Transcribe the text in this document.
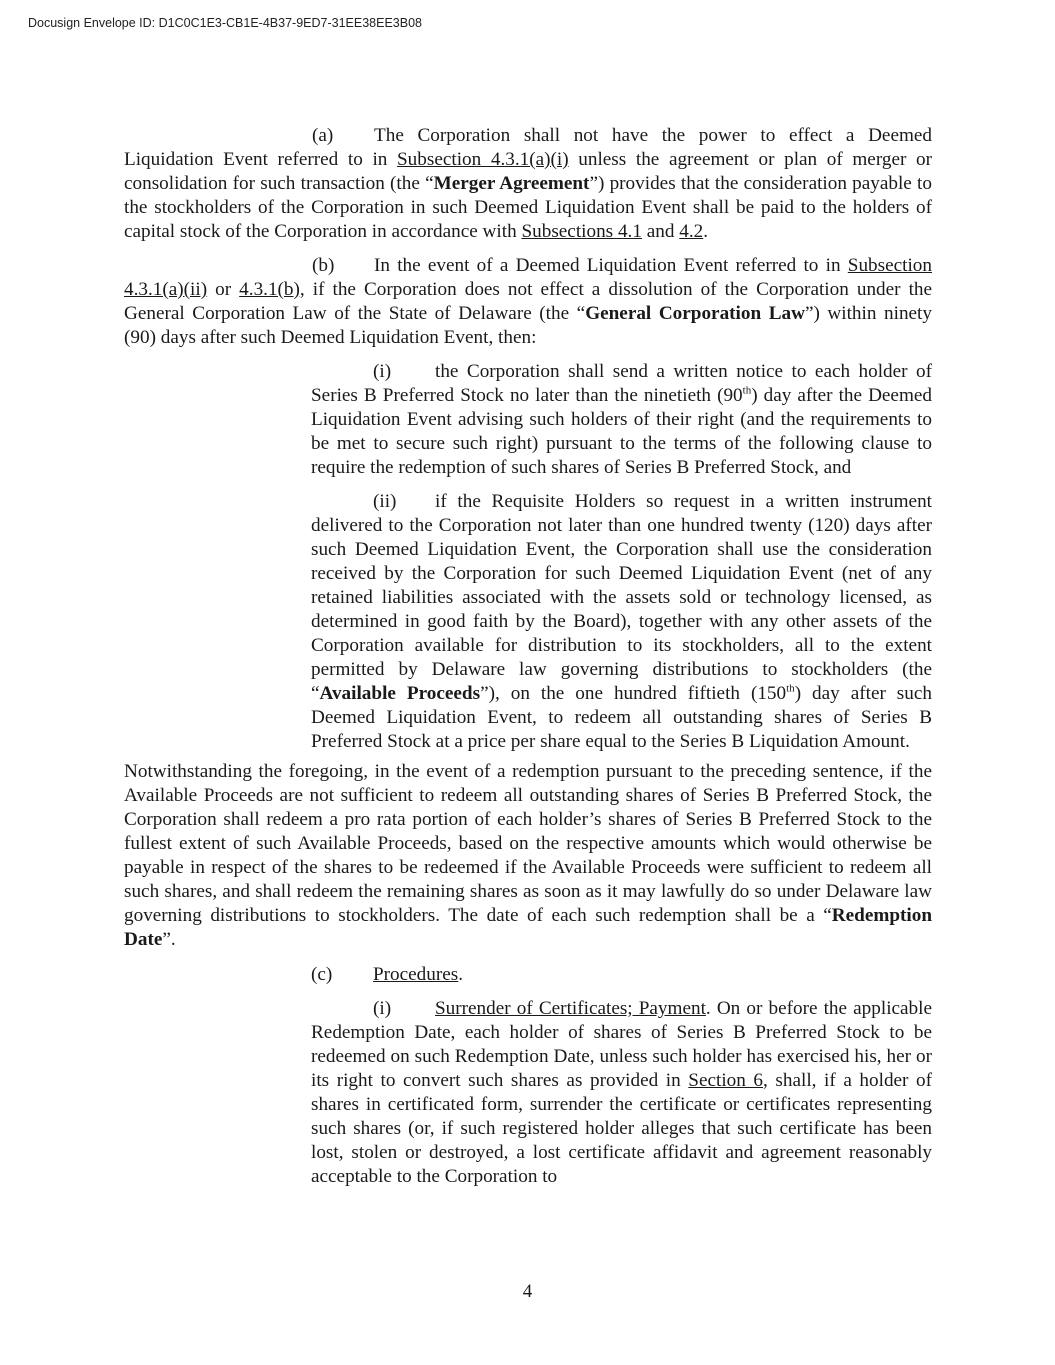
Docusign Envelope ID: D1C0C1E3-CB1E-4B37-9ED7-31EE38EE3B08

(a) The Corporation shall not have the power to effect a Deemed Liquidation Event referred to in Subsection 4.3.1(a)(i) unless the agreement or plan of merger or consolidation for such transaction (the “Merger Agreement”) provides that the consideration payable to the stockholders of the Corporation in such Deemed Liquidation Event shall be paid to the holders of capital stock of the Corporation in accordance with Subsections 4.1 and 4.2.

(b) In the event of a Deemed Liquidation Event referred to in Subsection 4.3.1(a)(ii) or 4.3.1(b), if the Corporation does not effect a dissolution of the Corporation under the General Corporation Law of the State of Delaware (the “General Corporation Law”) within ninety (90) days after such Deemed Liquidation Event, then:

(i) the Corporation shall send a written notice to each holder of Series B Preferred Stock no later than the ninetieth (90th) day after the Deemed Liquidation Event advising such holders of their right (and the requirements to be met to secure such right) pursuant to the terms of the following clause to require the redemption of such shares of Series B Preferred Stock, and

(ii) if the Requisite Holders so request in a written instrument delivered to the Corporation not later than one hundred twenty (120) days after such Deemed Liquidation Event, the Corporation shall use the consideration received by the Corporation for such Deemed Liquidation Event (net of any retained liabilities associated with the assets sold or technology licensed, as determined in good faith by the Board), together with any other assets of the Corporation available for distribution to its stockholders, all to the extent permitted by Delaware law governing distributions to stockholders (the “Available Proceeds”), on the one hundred fiftieth (150th) day after such Deemed Liquidation Event, to redeem all outstanding shares of Series B Preferred Stock at a price per share equal to the Series B Liquidation Amount.

Notwithstanding the foregoing, in the event of a redemption pursuant to the preceding sentence, if the Available Proceeds are not sufficient to redeem all outstanding shares of Series B Preferred Stock, the Corporation shall redeem a pro rata portion of each holder’s shares of Series B Preferred Stock to the fullest extent of such Available Proceeds, based on the respective amounts which would otherwise be payable in respect of the shares to be redeemed if the Available Proceeds were sufficient to redeem all such shares, and shall redeem the remaining shares as soon as it may lawfully do so under Delaware law governing distributions to stockholders. The date of each such redemption shall be a “Redemption Date”.

(c) Procedures.

(i) Surrender of Certificates; Payment. On or before the applicable Redemption Date, each holder of shares of Series B Preferred Stock to be redeemed on such Redemption Date, unless such holder has exercised his, her or its right to convert such shares as provided in Section 6, shall, if a holder of shares in certificated form, surrender the certificate or certificates representing such shares (or, if such registered holder alleges that such certificate has been lost, stolen or destroyed, a lost certificate affidavit and agreement reasonably acceptable to the Corporation to

4
